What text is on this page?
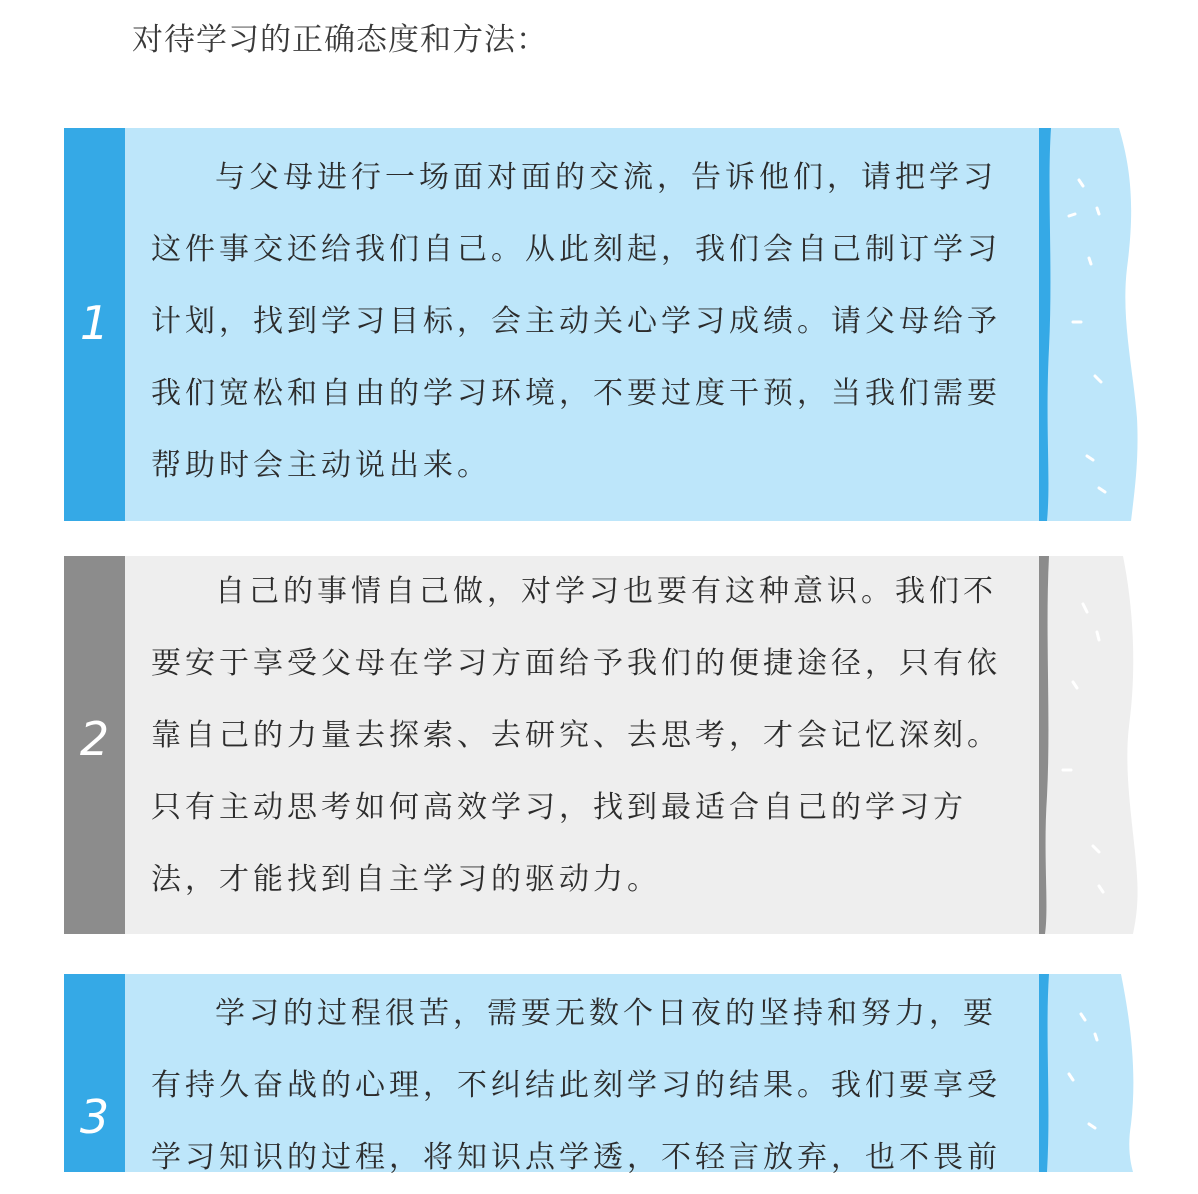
对待学习的正确态度和方法：
1

与父母进行一场面对面的交流，告诉他们，请把学习这件事交还给我们自己。从此刻起，我们会自己制订学习计划，找到学习目标，会主动关心学习成绩。请父母给予我们宽松和自由的学习环境，不要过度干预，当我们需要帮助时会主动说出来。

2

自己的事情自己做，对学习也要有这种意识。我们不要安于享受父母在学习方面给予我们的便捷途径，只有依靠自己的力量去探索、去研究、去思考，才会记忆深刻。只有主动思考如何高效学习，找到最适合自己的学习方法，才能找到自主学习的驱动力。

3

学习的过程很苦，需要无数个日夜的坚持和努力，要有持久奋战的心理，不纠结此刻学习的结果。我们要享受学习知识的过程，将知识点学透，不轻言放弃，也不畏前
